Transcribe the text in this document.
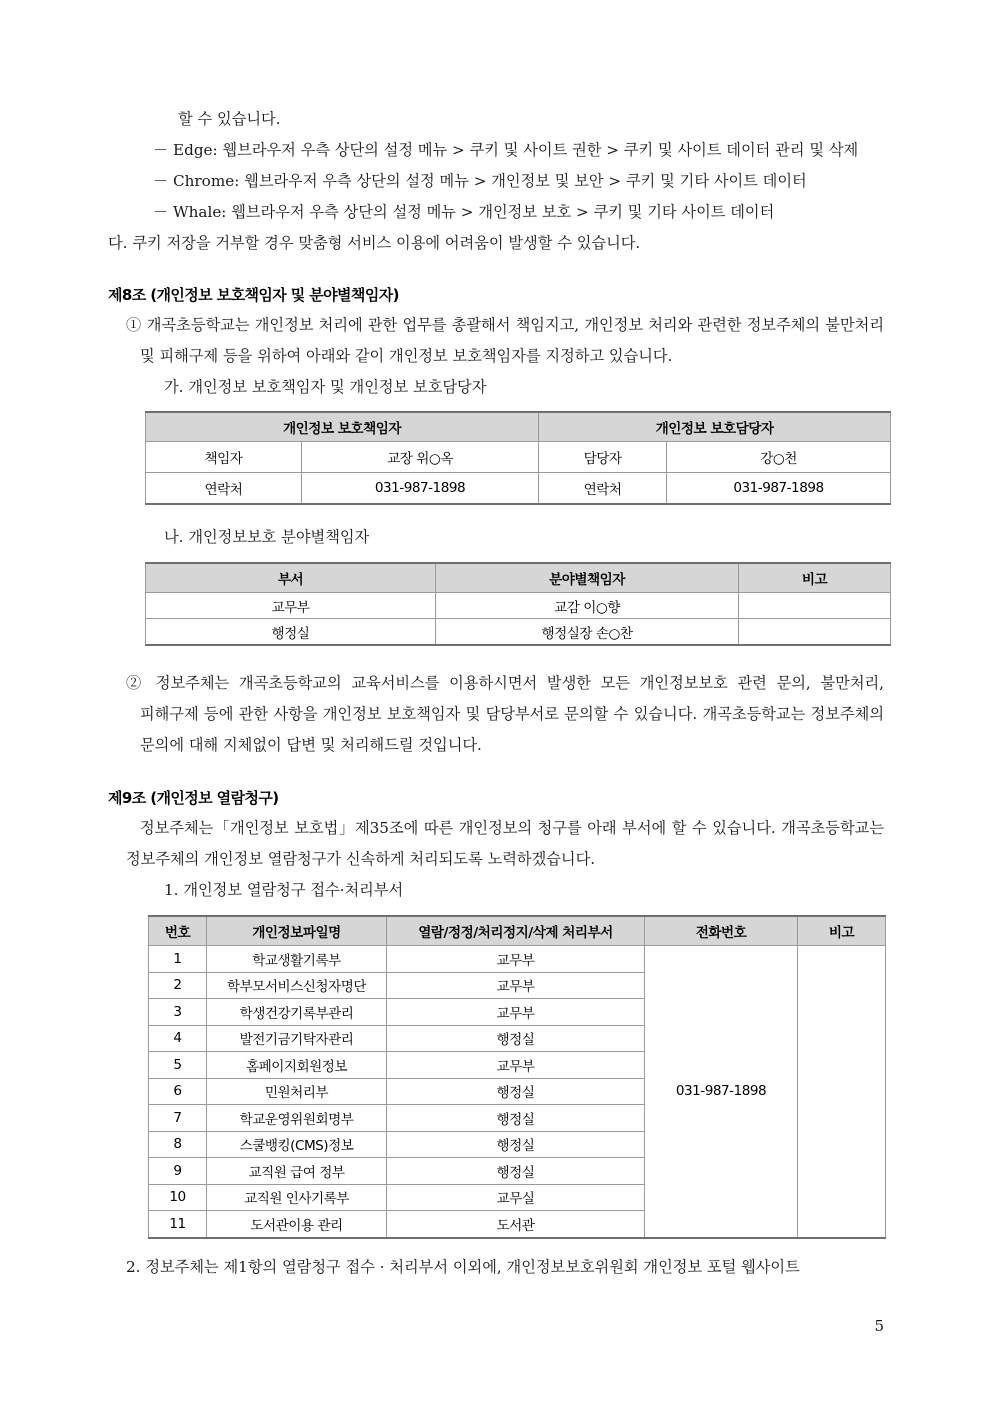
할 수 있습니다.

－ Edge: 웹브라우저 우측 상단의 설정 메뉴 > 쿠키 및 사이트 권한 > 쿠키 및 사이트 데이터 관리 및 삭제

－ Chrome: 웹브라우저 우측 상단의 설정 메뉴 > 개인정보 및 보안 > 쿠키 및 기타 사이트 데이터

－ Whale: 웹브라우저 우측 상단의 설정 메뉴 > 개인정보 보호 > 쿠키 및 기타 사이트 데이터

다. 쿠키 저장을 거부할 경우 맞춤형 서비스 이용에 어려움이 발생할 수 있습니다.

제8조 (개인정보 보호책임자 및 분야별책임자)

① 개곡초등학교는 개인정보 처리에 관한 업무를 총괄해서 책임지고, 개인정보 처리와 관련한 정보주체의 불만처리 및 피해구제 등을 위하여 아래와 같이 개인정보 보호책임자를 지정하고 있습니다.

가. 개인정보 보호책임자 및 개인정보 보호담당자

개인정보 보호책임자		개인정보 보호담당자	
책임자	교장 위○옥	담당자	강○천
연락처	031-987-1898	연락처	031-987-1898

나. 개인정보보호 분야별책임자

부서	분야별책임자	비고
교무부	교감 이○향	
행정실	행정실장 손○찬	

② 정보주체는 개곡초등학교의 교육서비스를 이용하시면서 발생한 모든 개인정보보호 관련 문의, 불만처리, 피해구제 등에 관한 사항을 개인정보 보호책임자 및 담당부서로 문의할 수 있습니다. 개곡초등학교는 정보주체의 문의에 대해 지체없이 답변 및 처리해드릴 것입니다.

제9조 (개인정보 열람청구)

정보주체는「개인정보 보호법」제35조에 따른 개인정보의 청구를 아래 부서에 할 수 있습니다. 개곡초등학교는 정보주체의 개인정보 열람청구가 신속하게 처리되도록 노력하겠습니다.

1. 개인정보 열람청구 접수·처리부서

번호	개인정보파일명	열람/정정/처리정지/삭제 처리부서	전화번호	비고
1	학교생활기록부	교무부	031-987-1898	
2	학부모서비스신청자명단	교무부		
3	학생건강기록부관리	교무부		
4	발전기금기탁자관리	행정실		
5	홈페이지회원정보	교무부		
6	민원처리부	행정실		
7	학교운영위원회명부	행정실		
8	스쿨뱅킹(CMS)정보	행정실		
9	교직원 급여 정부	행정실		
10	교직원 인사기록부	교무실		
11	도서관이용 관리	도서관		

2. 정보주체는 제1항의 열람청구 접수 · 처리부서 이외에, 개인정보보호위원회 개인정보 포털 웹사이트

5
